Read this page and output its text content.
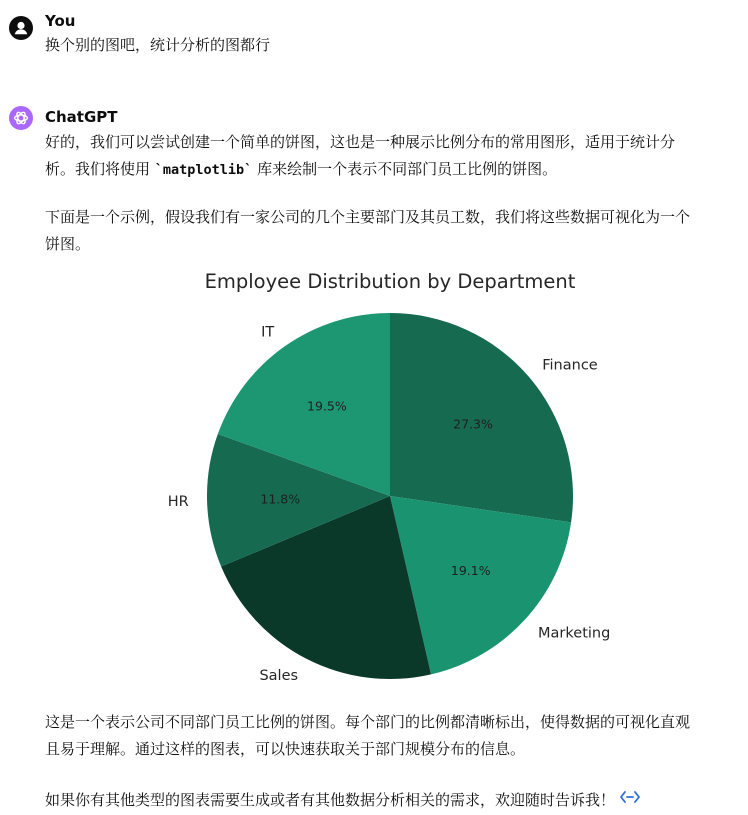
You
换个别的图吧，统计分析的图都行
ChatGPT
好的，我们可以尝试创建一个简单的饼图，这也是一种展示比例分布的常用图形，适用于统计分
析。我们将使用 `matplotlib` 库来绘制一个表示不同部门员工比例的饼图。
下面是一个示例，假设我们有一家公司的几个主要部门及其员工数，我们将这些数据可视化为一个
饼图。
这是一个表示公司不同部门员工比例的饼图。每个部门的比例都清晰标出，使得数据的可视化直观
且易于理解。通过这样的图表，可以快速获取关于部门规模分布的信息。
如果你有其他类型的图表需要生成或者有其他数据分析相关的需求，欢迎随时告诉我！
Employee Distribution by Department
27.3%
19.1%
11.8%
19.5%
Finance
Marketing
Sales
HR
IT
